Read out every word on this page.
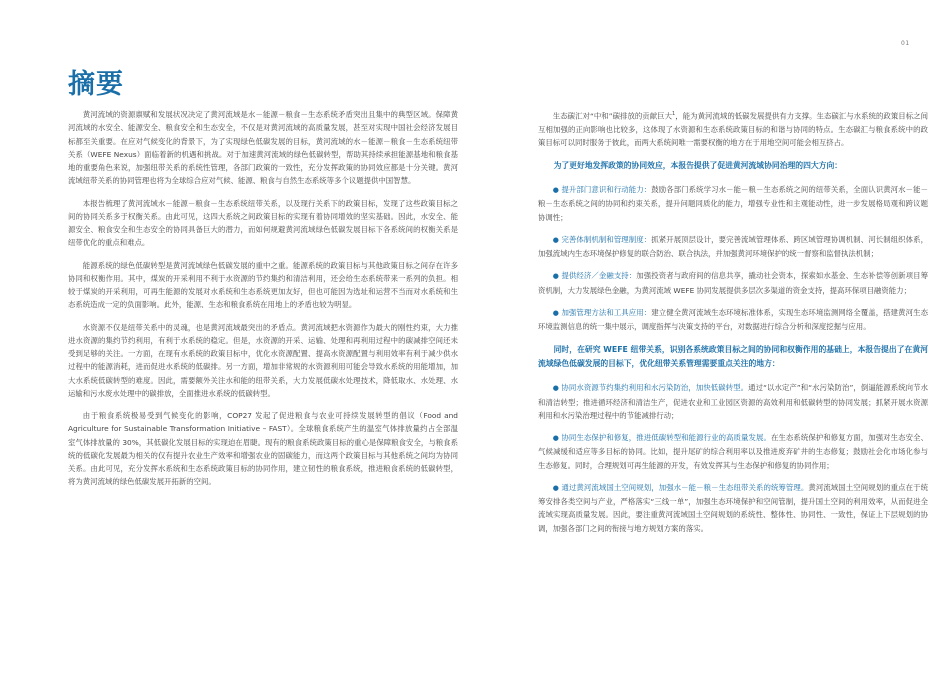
01
摘要

黄河流域的资源禀赋和发展状况决定了黄河流域是水－能源－粮食－生态系统矛盾突出且集中的典型区域。保障黄河流域的水安全、能源安全、粮食安全和生态安全，不仅是对黄河流域的高质量发展，甚至对实现中国社会经济发展目标都至关重要。在应对气候变化的背景下，为了实现绿色低碳发展的目标，黄河流域的水－能源－粮食－生态系统纽带关系（WEFE Nexus）面临着新的机遇和挑战。对于加速黄河流域的绿色低碳转型，帮助其持续承担能源基地和粮食基地的重要角色来说，加强纽带关系的系统性管理，各部门政策的一致性，充分发挥政策的协同效应都是十分关键。黄河流域纽带关系的协同管理也将为全球综合应对气候、能源、粮食与自然生态系统等多个议题提供中国智慧。

本报告梳理了黄河流域水－能源－粮食－生态系统纽带关系，以及现行关系下的政策目标，发现了这些政策目标之间的协同关系多于权衡关系。由此可见，这四大系统之间政策目标的实现有着协同增效的坚实基础。因此，水安全、能源安全、粮食安全和生态安全的协同具备巨大的潜力，而如何规避黄河流域绿色低碳发展目标下各系统间的权衡关系是纽带优化的重点和难点。

能源系统的绿色低碳转型是黄河流域绿色低碳发展的重中之重。能源系统的政策目标与其他政策目标之间存在许多协同和权衡作用。其中，煤炭的开采利用不利于水资源的节约集约和清洁利用，还会给生态系统带来一系列的负担。相较于煤炭的开采利用，可再生能源的发展对水系统和生态系统更加友好，但也可能因为选址和运营不当而对水系统和生态系统造成一定的负面影响。此外，能源、生态和粮食系统在用地上的矛盾也较为明显。

水资源不仅是纽带关系中的灵魂，也是黄河流域最突出的矛盾点。黄河流域把水资源作为最大的刚性约束，大力推进水资源的集约节约利用，有利于水系统的稳定。但是，水资源的开采、运输、处理和再利用过程中的碳减排空间还未受到足够的关注。一方面，在现有水系统的政策目标中，优化水资源配置、提高水资源配置与利用效率有利于减少供水过程中的能源消耗，进而促进水系统的低碳排。另一方面，增加非常规的水资源利用可能会导致水系统的用能增加，加大水系统低碳转型的难度。因此，需要额外关注水和能的纽带关系，大力发展低碳水处理技术，降低取水、水处理、水运输和污水废水处理中的碳排放，全面推进水系统的低碳转型。

由于粮食系统极易受到气候变化的影响，COP27 发起了促进粮食与农业可持续发展转型的倡议（Food and Agriculture for Sustainable Transformation Initiative – FAST）。全球粮食系统产生的温室气体排放量约占全部温室气体排放量的 30%，其低碳化发展目标的实现迫在眉睫。现有的粮食系统政策目标的重心是保障粮食安全，与粮食系统的低碳化发展最为相关的仅有提升农业生产效率和增强农业的固碳能力，而这两个政策目标与其他系统之间均为协同关系。由此可见，充分发挥水系统和生态系统政策目标的协同作用，建立韧性的粮食系统，推进粮食系统的低碳转型，将为黄河流域的绿色低碳发展开拓新的空间。

生态碳汇对“中和”碳排放的贡献巨大$^1$，能为黄河流域的低碳发展提供有力支撑。生态碳汇与水系统的政策目标之间互相加强的正向影响也比较多，这体现了水资源和生态系统政策目标的和谐与协同的特点。生态碳汇与粮食系统中的政策目标可以同时服务于彼此，而两大系统间唯一需要权衡的地方在于用地空间可能会相互挤占。

为了更好地发挥政策的协同效应，本报告提供了促进黄河流域协同治理的四大方向：

● 提升部门意识和行动能力：鼓励各部门系统学习水－能－粮－生态系统之间的纽带关系，全面认识黄河水－能－粮－生态系统之间的协同和约束关系，提升问题同质化的能力，增强专业性和主观能动性，进一步发展格局观和跨议题协调性；

● 完善体制机制和管理制度：抓紧开展顶层设计，要完善流域管理体系、跨区域管理协调机制、河长制组织体系，加强流域内生态环境保护修复的联合防治、联合执法，并加强黄河环境保护的统一督察和监督执法机制；

● 提供经济／金融支持：加强投资者与政府间的信息共享，撬动社会资本，探索如水基金、生态补偿等创新项目筹资机制，大力发展绿色金融，为黄河流域 WEFE 协同发展提供多层次多渠道的资金支持，提高环保项目融资能力；

● 加强管理方法和工具应用：建立健全黄河流域生态环境标准体系，实现生态环境监测网络全覆盖，搭建黄河生态环境监测信息的统一集中展示，调度指挥与决策支持的平台，对数据进行综合分析和深度挖掘与应用。

同时，在研究 WEFE 纽带关系，识别各系统政策目标之间的协同和权衡作用的基础上，本报告提出了在黄河流域绿色低碳发展的目标下，优化纽带关系管理需要重点关注的地方：

● 协同水资源节约集约利用和水污染防治，加快低碳转型。通过“以水定产”和“水污染防治”，倒逼能源系统向节水和清洁转型；推进循环经济和清洁生产，促进农业和工业园区资源的高效利用和低碳转型的协同发展；抓紧开展水资源利用和水污染治理过程中的节能减排行动；

● 协同生态保护和修复，推进低碳转型和能源行业的高质量发展。在生态系统保护和修复方面，加强对生态安全、气候减缓和适应等多目标的协同。比如，提升尾矿的综合利用率以及推进废弃矿井的生态修复；鼓励社会化市场化参与生态修复。同时，合理规划可再生能源的开发，有效发挥其与生态保护和修复的协同作用；

● 通过黄河流域国土空间规划，加强水－能－粮－生态纽带关系的统筹管理。黄河流域国土空间规划的重点在于统筹安排各类空间与产业，严格落实“三线一单”，加强生态环境保护和空间管制，提升国土空间的利用效率，从而促进全流域实现高质量发展。因此，要注重黄河流域国土空间规划的系统性、整体性、协同性、一致性，保证上下层规划的协调，加强各部门之间的衔接与地方规划方案的落实。
